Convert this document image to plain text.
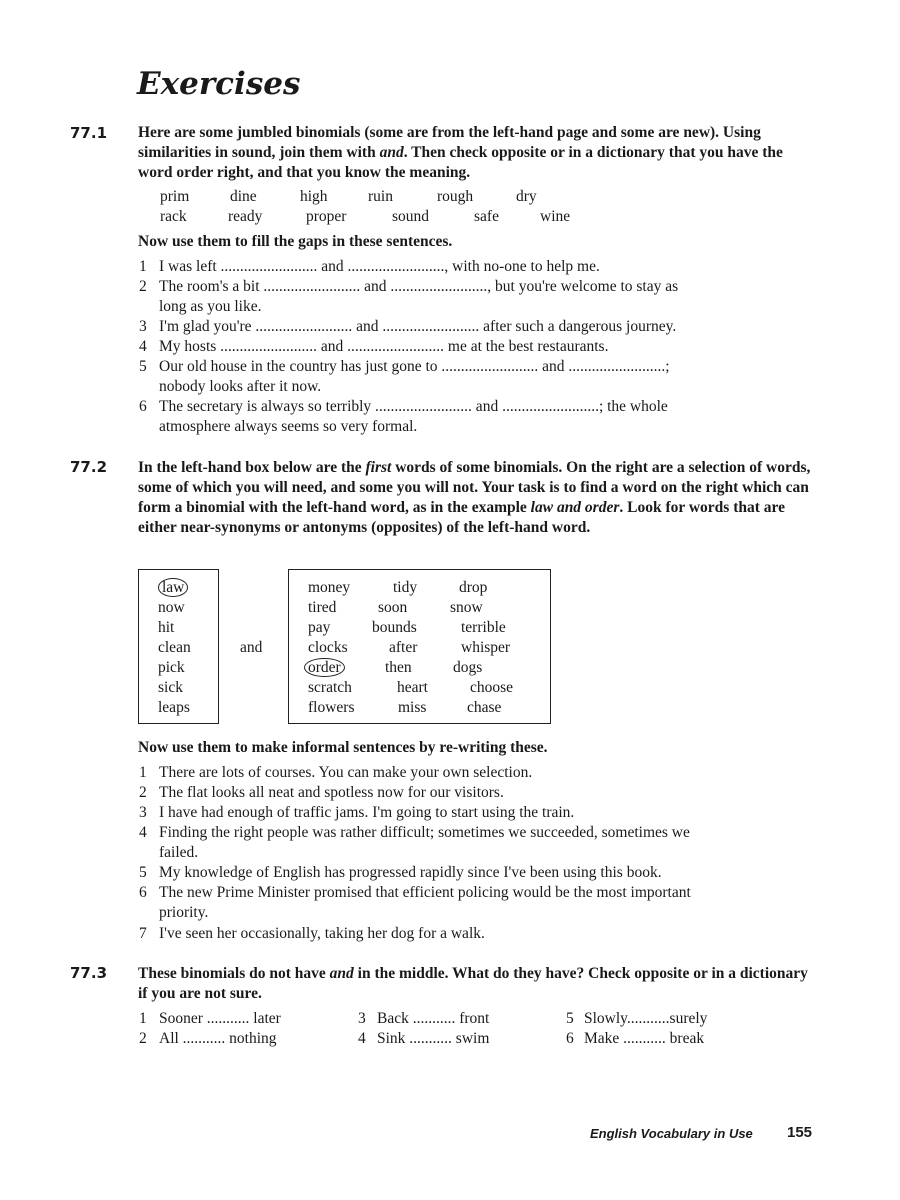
Exercises
77.1 Here are some jumbled binomials (some are from the left-hand page and some are new). Using similarities in sound, join them with and. Then check opposite or in a dictionary that you have the word order right, and that you know the meaning.
prim	dine	high	ruin	rough	dry
rack	ready	proper	sound	safe	wine
Now use them to fill the gaps in these sentences.
1 I was left ......................... and ........................., with no-one to help me.
2 The room's a bit ......................... and ........................., but you're welcome to stay as
long as you like.
3 I'm glad you're ......................... and ......................... after such a dangerous journey.
4 My hosts ......................... and ......................... me at the best restaurants.
5 Our old house in the country has just gone to ......................... and .........................;
nobody looks after it now.
6 The secretary is always so terribly ......................... and .........................; the whole
atmosphere always seems so very formal.
77.2 In the left-hand box below are the first words of some binomials. On the right are a selection of words, some of which you will need, and some you will not. Your task is to find a word on the right which can form a binomial with the left-hand word, as in the example law and order. Look for words that are either near-synonyms or antonyms (opposites) of the left-hand word.
law
now
hit
clean
pick
sick
leaps
and
money	tidy	drop
tired	soon	snow
pay	bounds	terrible
clocks	after	whisper
order	then	dogs
scratch	heart	choose
flowers	miss	chase
Now use them to make informal sentences by re-writing these.
1 There are lots of courses. You can make your own selection.
2 The flat looks all neat and spotless now for our visitors.
3 I have had enough of traffic jams. I'm going to start using the train.
4 Finding the right people was rather difficult; sometimes we succeeded, sometimes we
failed.
5 My knowledge of English has progressed rapidly since I've been using this book.
6 The new Prime Minister promised that efficient policing would be the most important
priority.
7 I've seen her occasionally, taking her dog for a walk.
77.3 These binomials do not have and in the middle. What do they have? Check opposite or in a dictionary if you are not sure.
1 Sooner ........... later
2 All ........... nothing
3 Back ........... front
4 Sink ........... swim
5 Slowly...........surely
6 Make ........... break
English Vocabulary in Use 155
